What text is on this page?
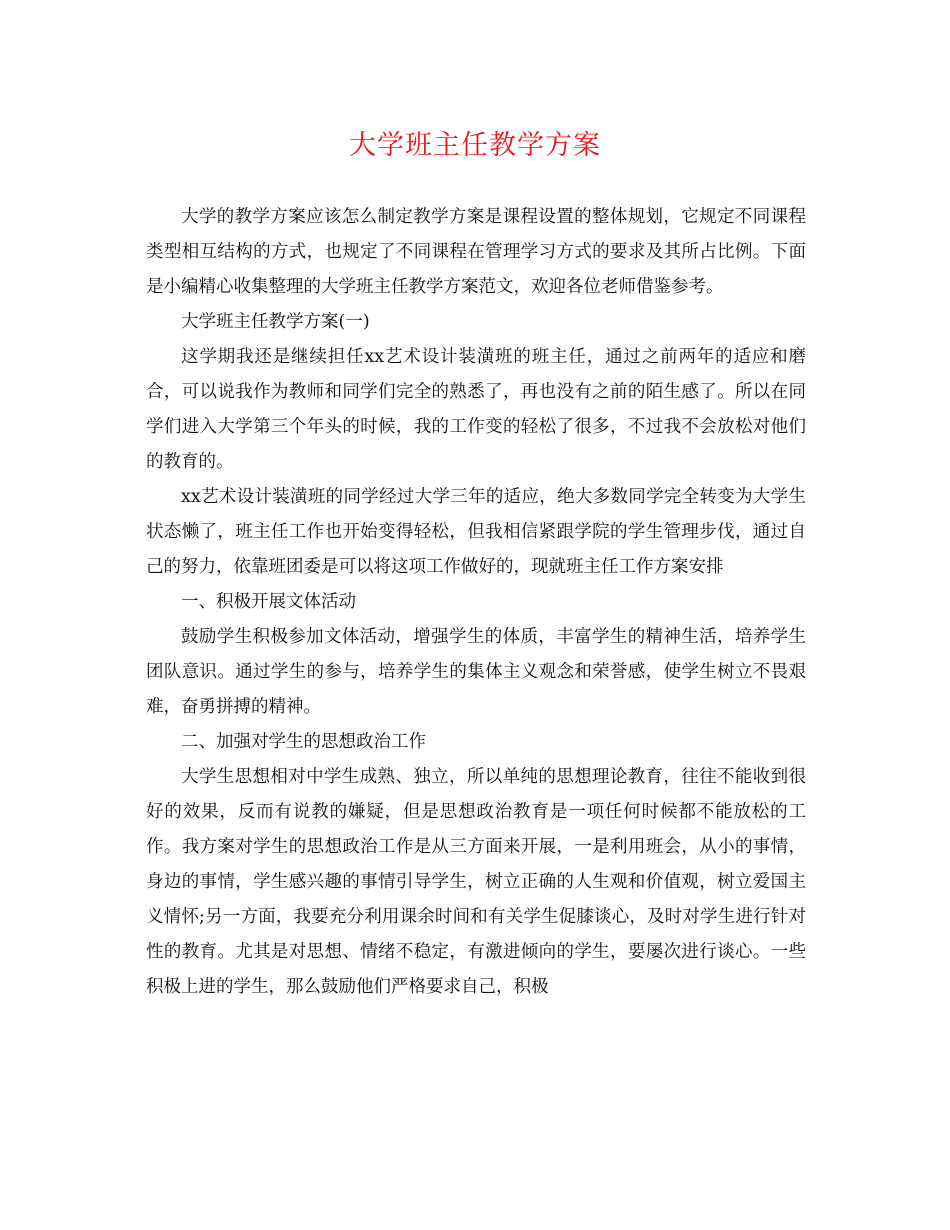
大学班主任教学方案

大学的教学方案应该怎么制定教学方案是课程设置的整体规划，它规定不同课程类型相互结构的方式，也规定了不同课程在管理学习方式的要求及其所占比例。下面是小编精心收集整理的大学班主任教学方案范文，欢迎各位老师借鉴参考。

大学班主任教学方案(一)

这学期我还是继续担任xx艺术设计装潢班的班主任，通过之前两年的适应和磨合，可以说我作为教师和同学们完全的熟悉了，再也没有之前的陌生感了。所以在同学们进入大学第三个年头的时候，我的工作变的轻松了很多，不过我不会放松对他们的教育的。

xx艺术设计装潢班的同学经过大学三年的适应，绝大多数同学完全转变为大学生状态懒了，班主任工作也开始变得轻松，但我相信紧跟学院的学生管理步伐，通过自己的努力，依靠班团委是可以将这项工作做好的，现就班主任工作方案安排

一、积极开展文体活动

鼓励学生积极参加文体活动，增强学生的体质，丰富学生的精神生活，培养学生团队意识。通过学生的参与，培养学生的集体主义观念和荣誉感，使学生树立不畏艰难，奋勇拼搏的精神。

二、加强对学生的思想政治工作

大学生思想相对中学生成熟、独立，所以单纯的思想理论教育，往往不能收到很好的效果，反而有说教的嫌疑，但是思想政治教育是一项任何时候都不能放松的工作。我方案对学生的思想政治工作是从三方面来开展，一是利用班会，从小的事情，身边的事情，学生感兴趣的事情引导学生，树立正确的人生观和价值观，树立爱国主义情怀;另一方面，我要充分利用课余时间和有关学生促膝谈心，及时对学生进行针对性的教育。尤其是对思想、情绪不稳定，有激进倾向的学生，要屡次进行谈心。一些积极上进的学生，那么鼓励他们严格要求自己，积极
